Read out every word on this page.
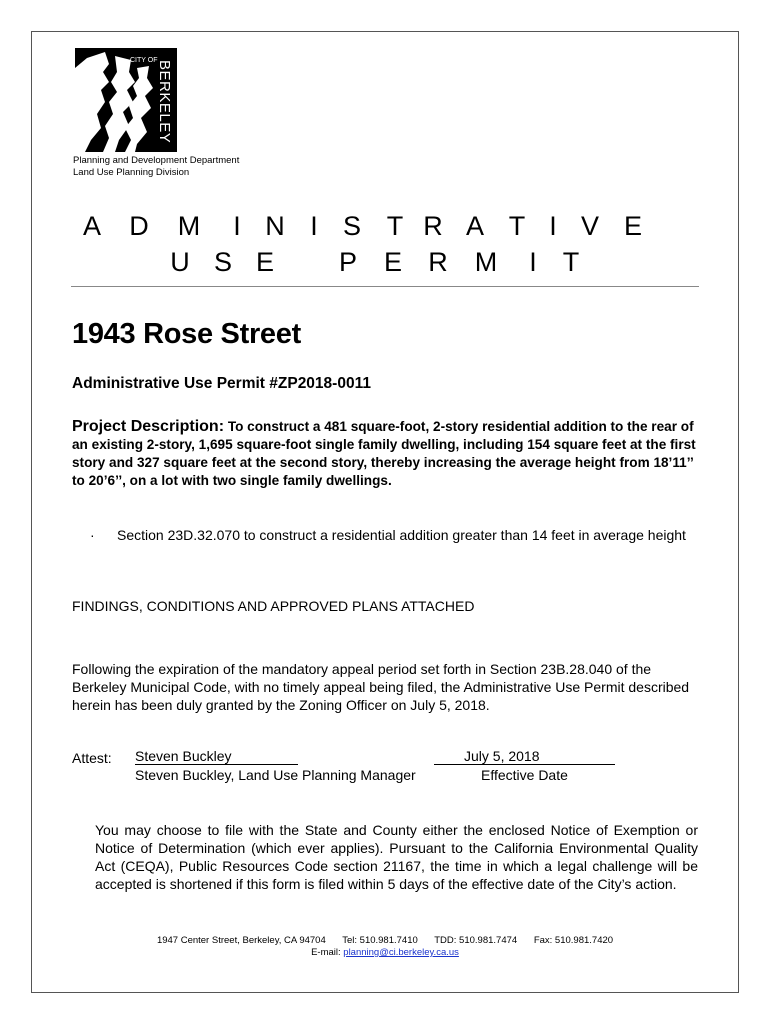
CITY OF
BERKELEY
Planning and Development Department
Land Use Planning Division
A D M	I N I S T R A T I V E
U S E P E R M	I T
1943 Rose Street
Administrative Use Permit #ZP2018-0011
Project Description: To construct a 481 square-foot, 2-story residential addition to the rear of an existing 2-story, 1,695 square-foot single family dwelling, including 154 square feet at the first story and 327 square feet at the second story, thereby increasing the average height from 18’11’’ to 20’6’’, on a lot with two single family dwellings.
· Section 23D.32.070 to construct a residential addition greater than 14 feet in average height
FINDINGS, CONDITIONS AND APPROVED PLANS ATTACHED
Following the expiration of the mandatory appeal period set forth in Section 23B.28.040 of the Berkeley Municipal Code, with no timely appeal being filed, the Administrative Use Permit described herein has been duly granted by the Zoning Officer on July 5, 2018.
Attest: Steven Buckley
Steven Buckley, Land Use Planning Manager
July 5, 2018
Effective Date
You may choose to file with the State and County either the enclosed Notice of Exemption or Notice of Determination (which ever applies). Pursuant to the California Environmental Quality Act (CEQA), Public Resources Code section 21167, the time in which a legal challenge will be accepted is shortened if this form is filed within 5 days of the effective date of the City’s action.
1947 Center Street, Berkeley, CA 94704 Tel: 510.981.7410 TDD: 510.981.7474 Fax: 510.981.7420
E-mail: planning@ci.berkeley.ca.us
